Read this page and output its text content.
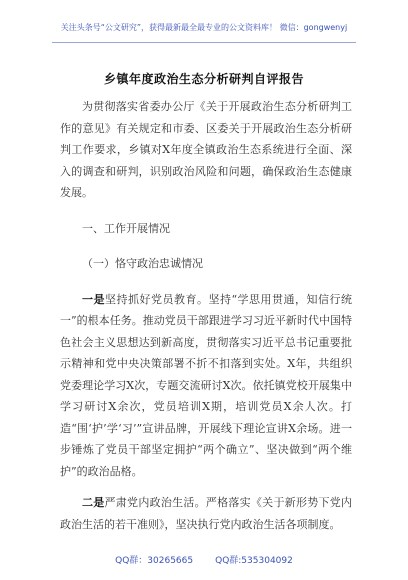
关注头条号“公文研究”，获得最新最全最专业的公文资料库！ 微信：gongwenyj
乡镇年度政治生态分析研判自评报告

为贯彻落实省委办公厅《关于开展政治生态分析研判工作的意见》有关规定和市委、区委关于开展政治生态分析研判工作要求，乡镇对X年度全镇政治生态系统进行全面、深入的调查和研判，识别政治风险和问题，确保政治生态健康发展。

一、工作开展情况

（一）恪守政治忠诚情况

一是坚持抓好党员教育。坚持“学思用贯通，知信行统一”的根本任务。推动党员干部跟进学习习近平新时代中国特色社会主义思想达到新高度，贯彻落实习近平总书记重要批示精神和党中央决策部署不折不扣落到实处。X年，共组织党委理论学习X次，专题交流研讨X次。依托镇党校开展集中学习研讨X余次，党员培训X期，培训党员X余人次。打造“围‘护’学‘习’”宣讲品牌，开展线下理论宣讲X余场。进一步锤炼了党员干部坚定拥护“两个确立”、坚决做到“两个维护”的政治品格。

二是严肃党内政治生活。严格落实《关于新形势下党内政治生活的若干准则》，坚决执行党内政治生活各项制度。

QQ群：30265665 QQ群:535304092
